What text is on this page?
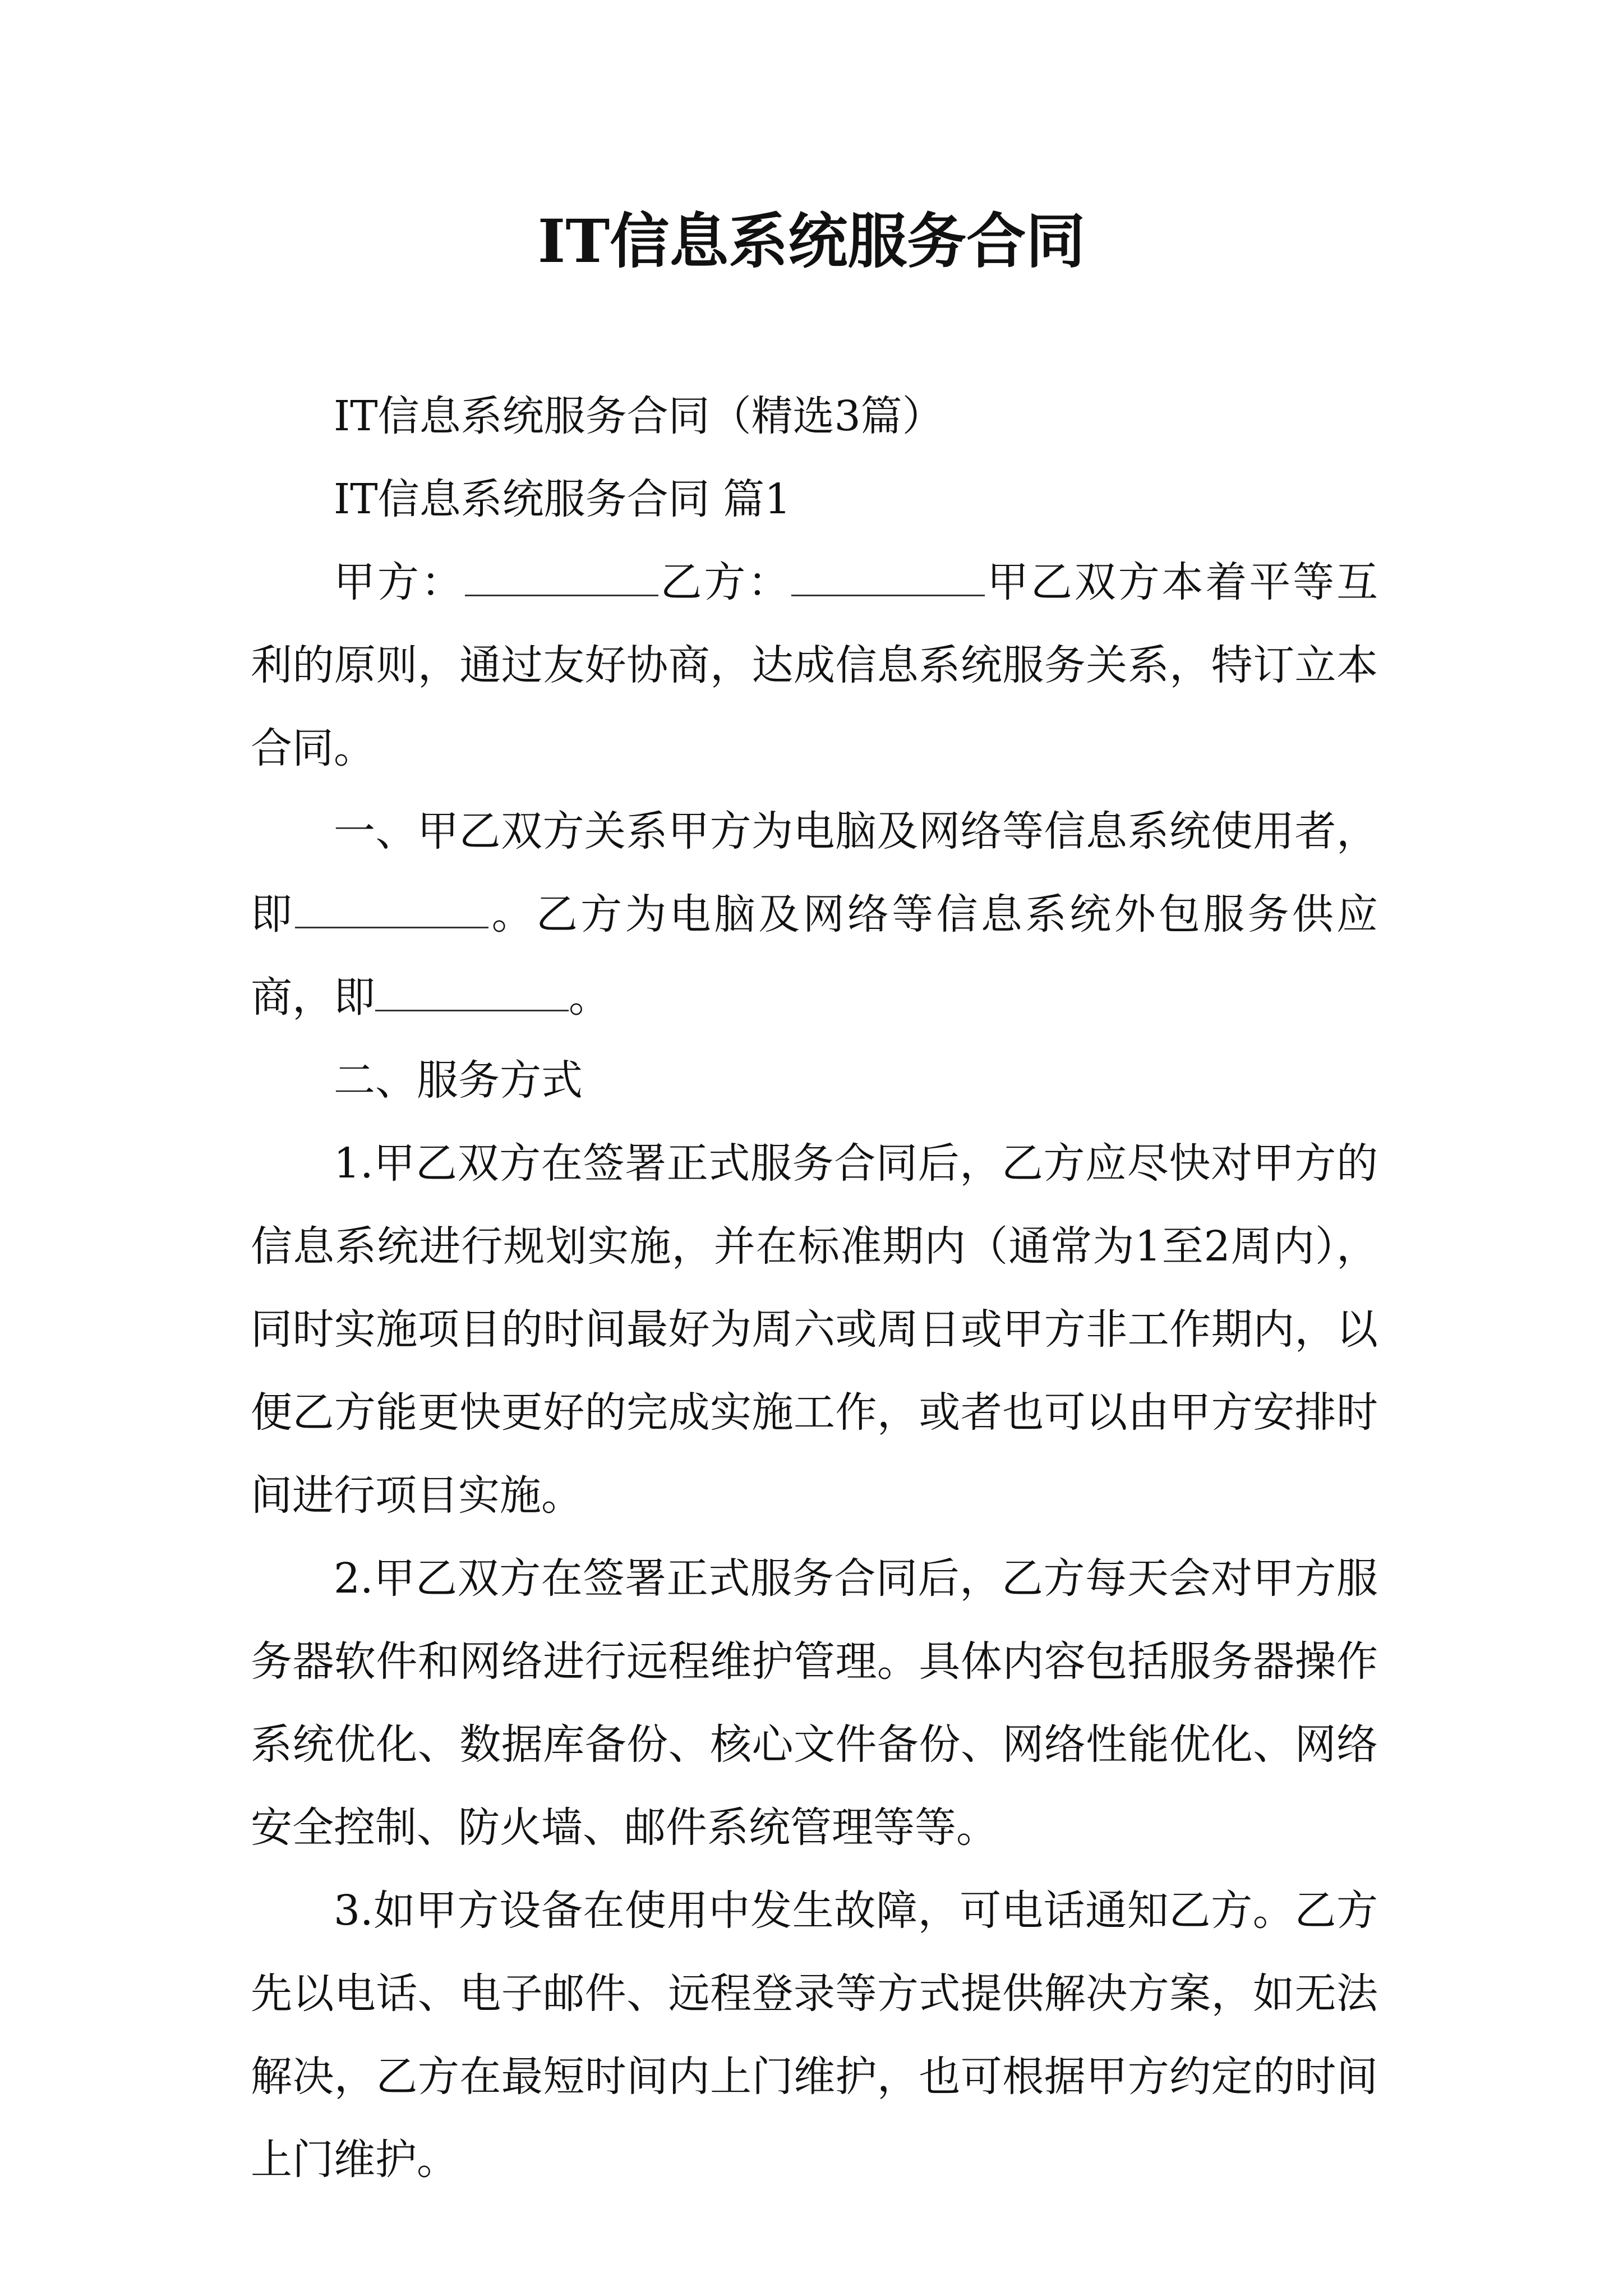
IT信息系统服务合同

IT信息系统服务合同（精选3篇）

IT信息系统服务合同 篇1

甲方：	乙方：	甲乙双方本着平等互利的原则，通过友好协商，达成信息系统服务关系，特订立本合同。

一、甲乙双方关系甲方为电脑及网络等信息系统使用者，即	。乙方为电脑及网络等信息系统外包服务供应商，即	。

二、服务方式

1.甲乙双方在签署正式服务合同后，乙方应尽快对甲方的信息系统进行规划实施，并在标准期内（通常为1至2周内），同时实施项目的时间最好为周六或周日或甲方非工作期内，以便乙方能更快更好的完成实施工作，或者也可以由甲方安排时间进行项目实施。

2.甲乙双方在签署正式服务合同后，乙方每天会对甲方服务器软件和网络进行远程维护管理。具体内容包括服务器操作系统优化、数据库备份、核心文件备份、网络性能优化、网络安全控制、防火墙、邮件系统管理等等。

3.如甲方设备在使用中发生故障，可电话通知乙方。乙方先以电话、电子邮件、远程登录等方式提供解决方案，如无法解决，乙方在最短时间内上门维护，也可根据甲方约定的时间上门维护。
